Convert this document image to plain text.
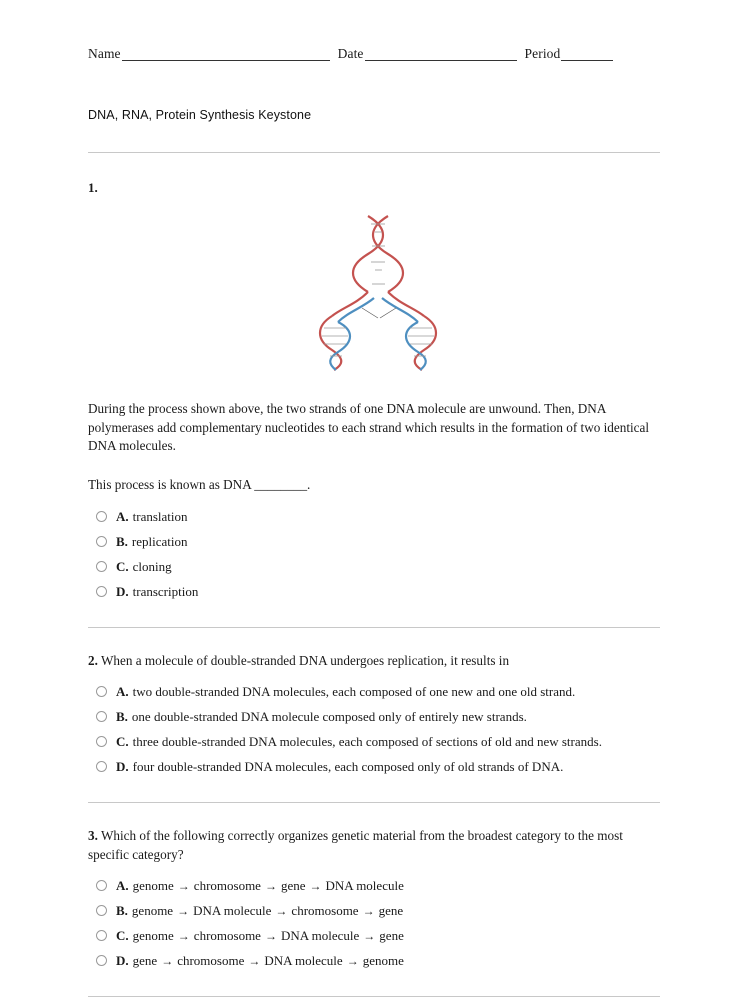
Name	Date	Period
DNA, RNA, Protein Synthesis Keystone
1.
During the process shown above, the two strands of one DNA molecule are unwound. Then, DNA polymerases add complementary nucleotides to each strand which results in the formation of two identical DNA molecules.
This process is known as DNA ________.
A. translation
B. replication
C. cloning
D. transcription
2. When a molecule of double-stranded DNA undergoes replication, it results in
A. two double-stranded DNA molecules, each composed of one new and one old strand.
B. one double-stranded DNA molecule composed only of entirely new strands.
C. three double-stranded DNA molecules, each composed of sections of old and new strands.
D. four double-stranded DNA molecules, each composed only of old strands of DNA.
3. Which of the following correctly organizes genetic material from the broadest category to the most specific category?
A. genome → chromosome → gene → DNA molecule
B. genome → DNA molecule → chromosome → gene
C. genome → chromosome → DNA molecule → gene
D. gene → chromosome → DNA molecule → genome
